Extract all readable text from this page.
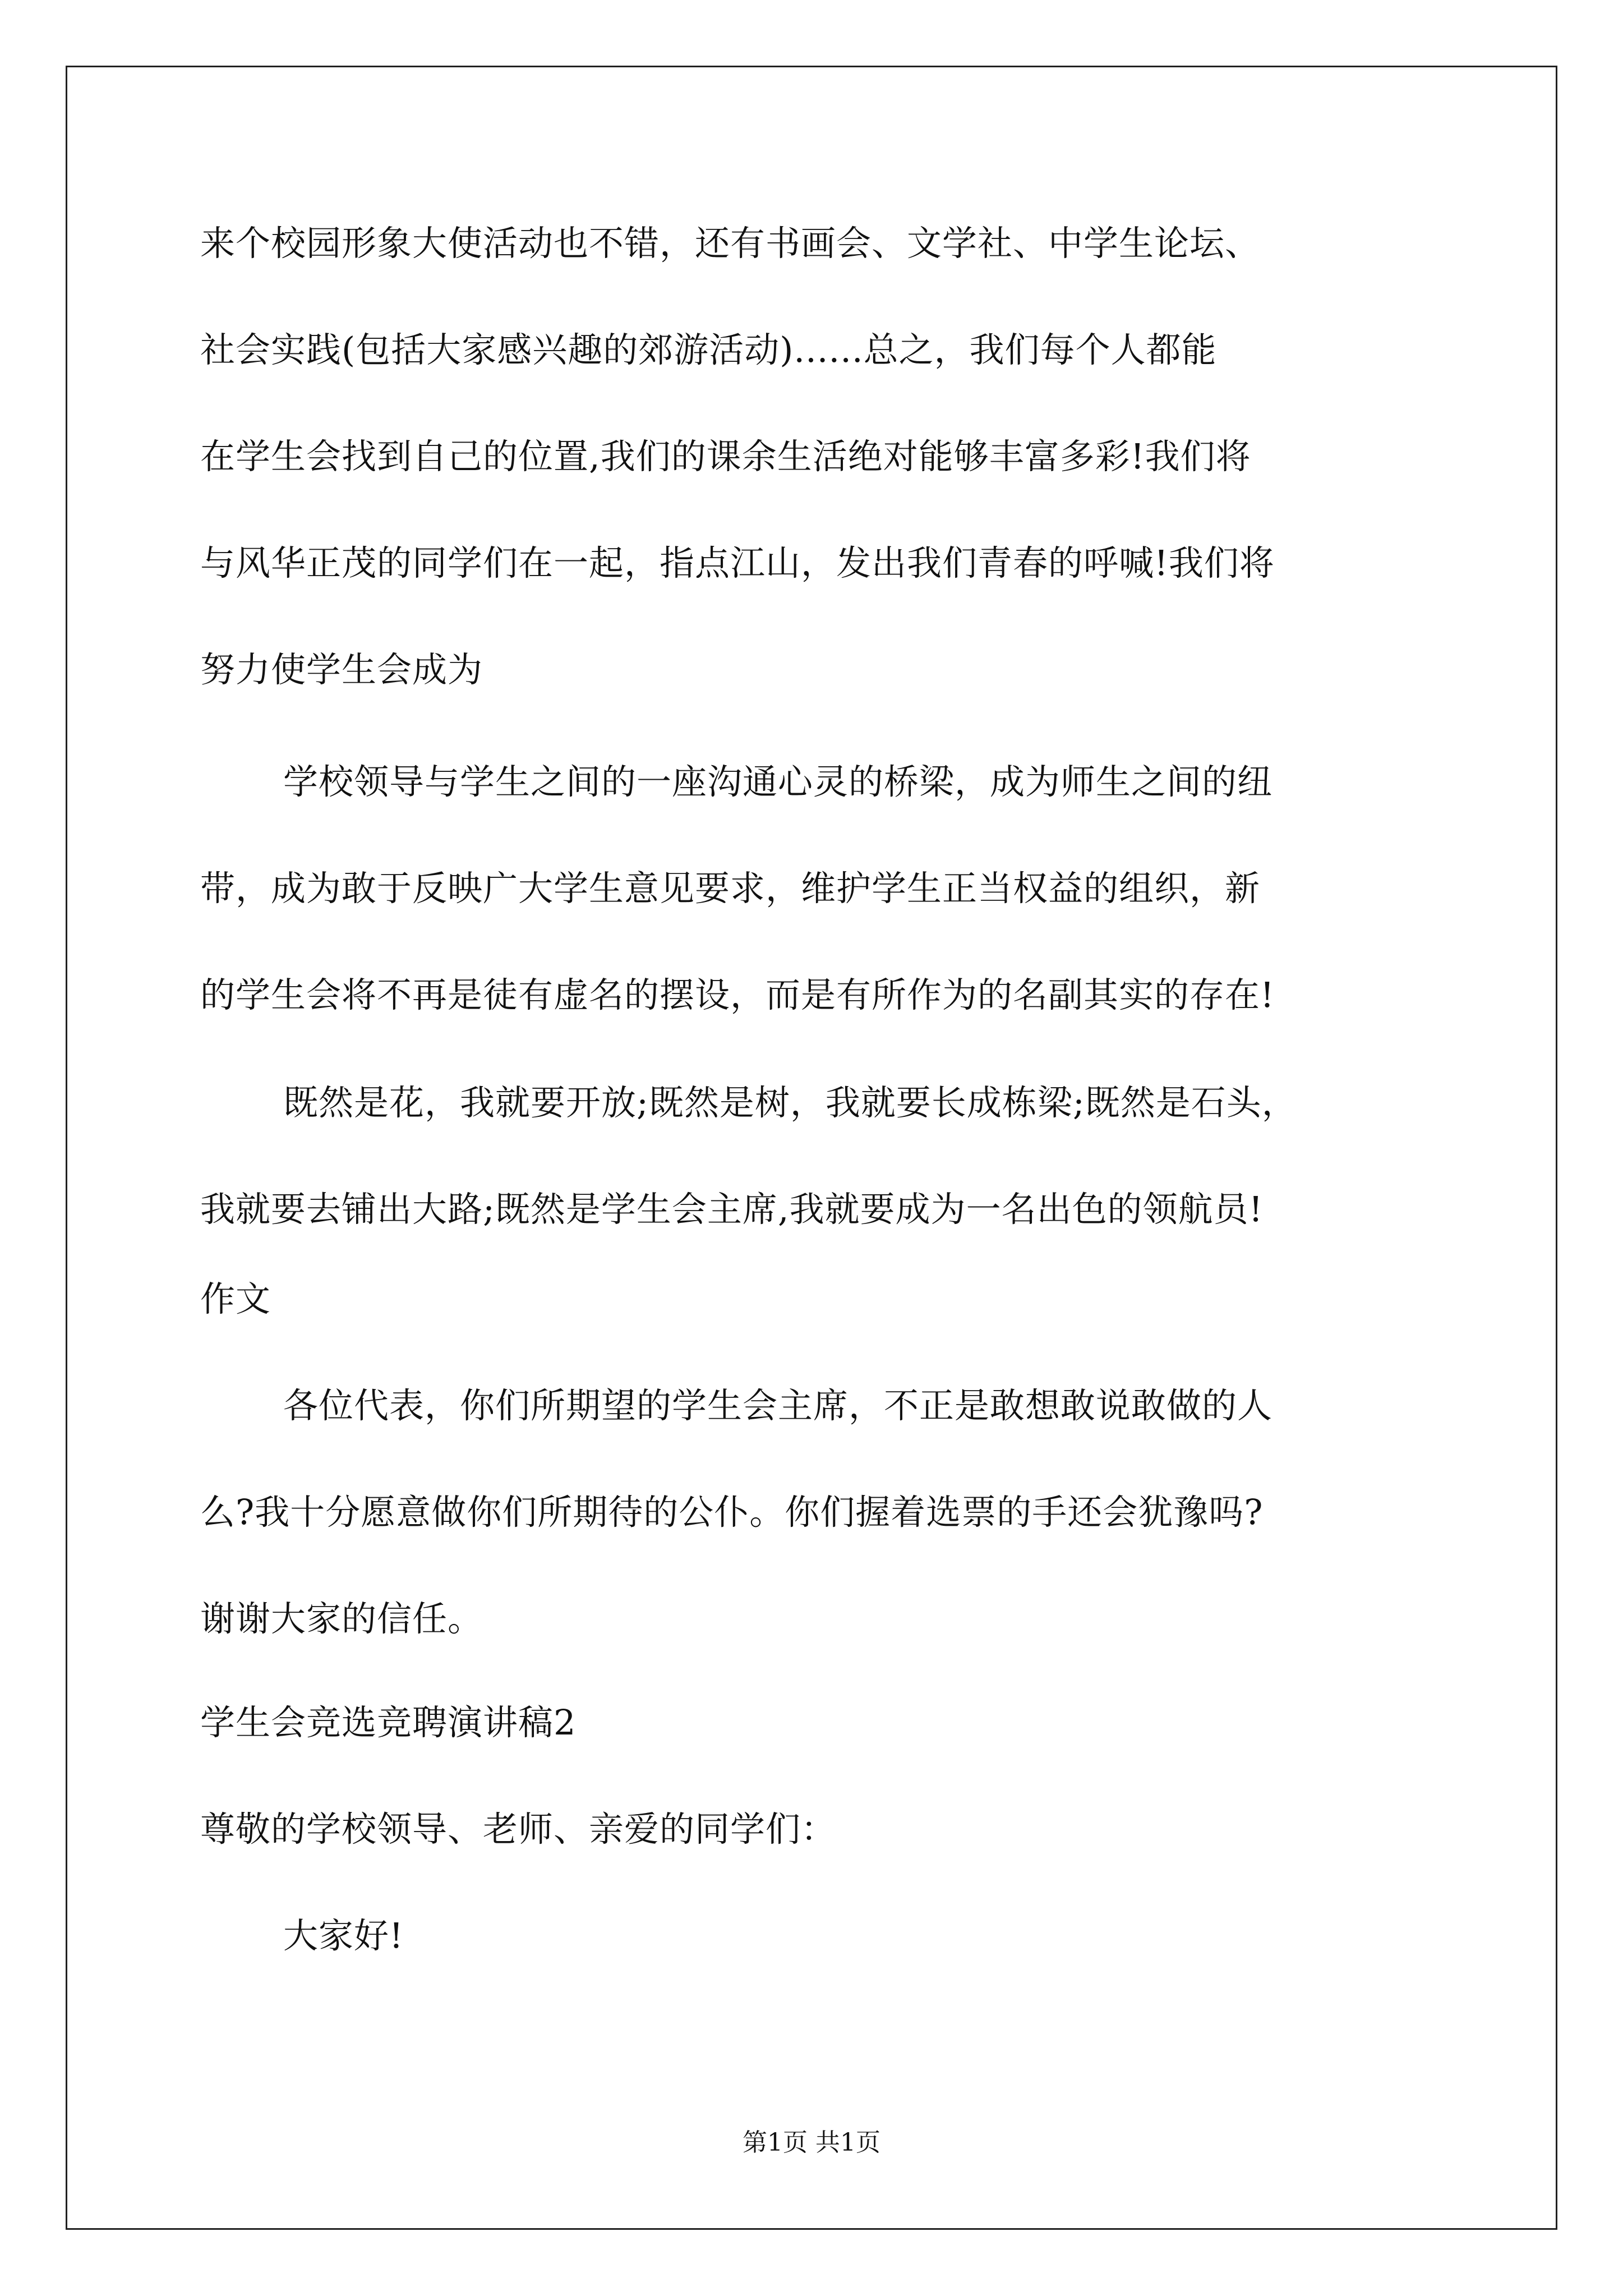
来个校园形象大使活动也不错，还有书画会、文学社、中学生论坛、
社会实践(包括大家感兴趣的郊游活动)......总之，我们每个人都能
在学生会找到自己的位置,我们的课余生活绝对能够丰富多彩!我们将
与风华正茂的同学们在一起，指点江山，发出我们青春的呼喊!我们将
努力使学生会成为
学校领导与学生之间的一座沟通心灵的桥梁，成为师生之间的纽
带，成为敢于反映广大学生意见要求，维护学生正当权益的组织，新
的学生会将不再是徒有虚名的摆设，而是有所作为的名副其实的存在!
既然是花，我就要开放;既然是树，我就要长成栋梁;既然是石头，
我就要去铺出大路;既然是学生会主席,我就要成为一名出色的领航员!
作文
各位代表，你们所期望的学生会主席，不正是敢想敢说敢做的人
么?我十分愿意做你们所期待的公仆。你们握着选票的手还会犹豫吗?
谢谢大家的信任。
学生会竞选竞聘演讲稿2
尊敬的学校领导、老师、亲爱的同学们：
大家好!
第1页 共1页
